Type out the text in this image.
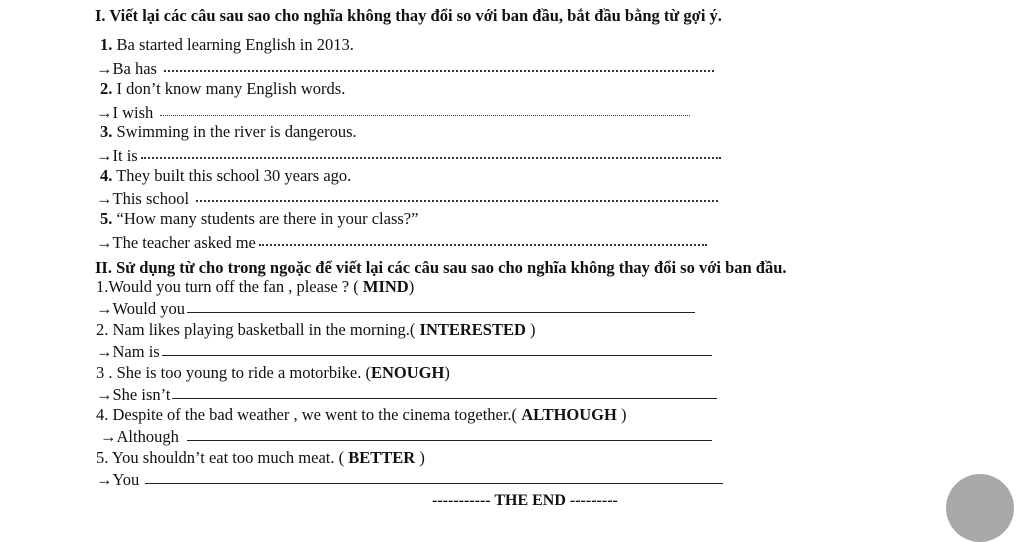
I. Viết lại các câu sau sao cho nghĩa không thay đổi so với ban đầu, bắt đầu bằng từ gợi ý.
1. Ba started learning English in 2013.
→Ba has
2. I don’t know many English words.
→I wish
3. Swimming in the river is dangerous.
→It is
4. They built this school 30 years ago.
→This school
5. “How many students are there in your class?”
→The teacher asked me
II. Sử dụng từ cho trong ngoặc để viết lại các câu sau sao cho nghĩa không thay đổi so với ban đầu.
1.Would you turn off the fan , please ? ( MIND)
→Would you
2. Nam likes playing basketball in the morning.( INTERESTED )
→Nam is
3 . She is too young to ride a motorbike. (ENOUGH)
→She isn’t
4. Despite of the bad weather , we went to the cinema together.( ALTHOUGH )
→Although
5. You shouldn’t eat too much meat. ( BETTER )
→You
----------- THE END ---------
